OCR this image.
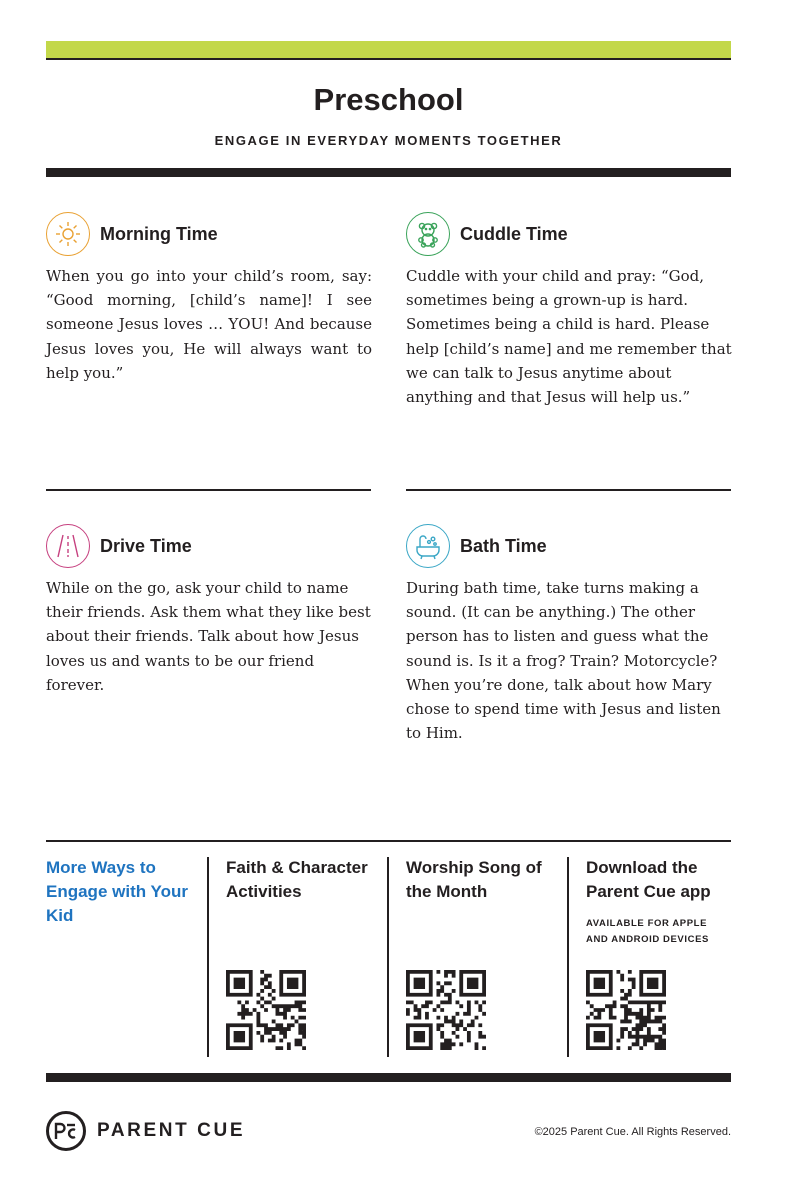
Preschool
ENGAGE IN EVERYDAY MOMENTS TOGETHER
Morning Time

When you go into your child’s room, say: “Good morning, [child’s name]! I see someone Jesus loves … YOU! And because Jesus loves you, He will always want to help you.”

Cuddle Time

Cuddle with your child and pray: “God, sometimes being a grown-up is hard. Sometimes being a child is hard. Please help [child’s name] and me remember that we can talk to Jesus anytime about anything and that Jesus will help us.”

Drive Time

While on the go, ask your child to name their friends. Ask them what they like best about their friends. Talk about how Jesus loves us and wants to be our friend forever.

Bath Time

During bath time, take turns making a sound. (It can be anything.) The other person has to listen and guess what the sound is. Is it a frog? Train? Motorcycle? When you’re done, talk about how Mary chose to spend time with Jesus and listen to Him.

More Ways to Engage with Your Kid
Faith & Character Activities
Worship Song of the Month
Download the Parent Cue app
AVAILABLE FOR APPLE AND ANDROID DEVICES
PARENT CUE	©2025 Parent Cue. All Rights Reserved.
